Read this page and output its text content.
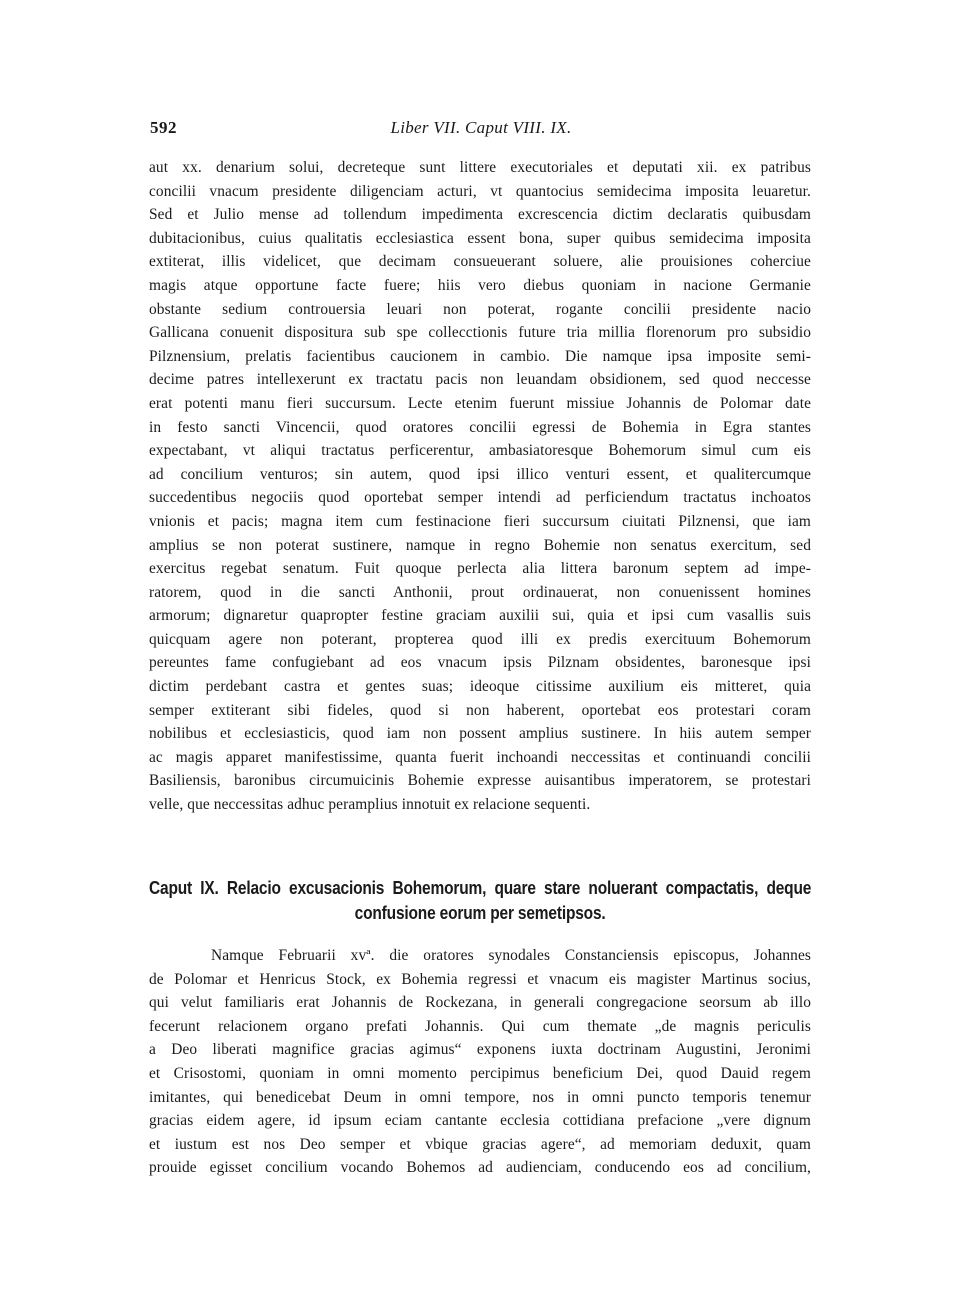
592	Liber VII. Caput VIII. IX.
aut xx. denarium solui, decreteque sunt littere executoriales et deputati xii. ex patribus
concilii vnacum presidente diligenciam acturi, vt quantocius semidecima imposita leuaretur.
Sed et Julio mense ad tollendum impedimenta excrescencia dictim declaratis quibusdam
dubitacionibus, cuius qualitatis ecclesiastica essent bona, super quibus semidecima imposita
extiterat, illis videlicet, que decimam consueuerant soluere, alie prouisiones coherciue
magis atque opportune facte fuere; hiis vero diebus quoniam in nacione Germanie
obstante sedium controuersia leuari non poterat, rogante concilii presidente nacio
Gallicana conuenit dispositura sub spe collecctionis future tria millia florenorum pro subsidio
Pilznensium, prelatis facientibus caucionem in cambio. Die namque ipsa imposite semi-
decime patres intellexerunt ex tractatu pacis non leuandam obsidionem, sed quod neccesse
erat potenti manu fieri succursum. Lecte etenim fuerunt missiue Johannis de Polomar date
in festo sancti Vincencii, quod oratores concilii egressi de Bohemia in Egra stantes
expectabant, vt aliqui tractatus perficerentur, ambasiatoresque Bohemorum simul cum eis
ad concilium venturos; sin autem, quod ipsi illico venturi essent, et qualitercumque
succedentibus negociis quod oportebat semper intendi ad perficiendum tractatus inchoatos
vnionis et pacis; magna item cum festinacione fieri succursum ciuitati Pilznensi, que iam
amplius se non poterat sustinere, namque in regno Bohemie non senatus exercitum, sed
exercitus regebat senatum. Fuit quoque perlecta alia littera baronum septem ad impe-
ratorem, quod in die sancti Anthonii, prout ordinauerat, non conuenissent homines
armorum; dignaretur quapropter festine graciam auxilii sui, quia et ipsi cum vasallis suis
quicquam agere non poterant, propterea quod illi ex predis exercituum Bohemorum
pereuntes fame confugiebant ad eos vnacum ipsis Pilznam obsidentes, baronesque ipsi
dictim perdebant castra et gentes suas; ideoque citissime auxilium eis mitteret, quia
semper extiterant sibi fideles, quod si non haberent, oportebat eos protestari coram
nobilibus et ecclesiasticis, quod iam non possent amplius sustinere. In hiis autem semper
ac magis apparet manifestissime, quanta fuerit inchoandi neccessitas et continuandi concilii
Basiliensis, baronibus circumuicinis Bohemie expresse auisantibus imperatorem, se protestari
velle, que neccessitas adhuc peramplius innotuit ex relacione sequenti.
Caput IX. Relacio excusacionis Bohemorum, quare stare noluerant compactatis, deque
confusione eorum per semetipsos.
Namque Februarii xvª. die oratores synodales Constanciensis episcopus, Johannes
de Polomar et Henricus Stock, ex Bohemia regressi et vnacum eis magister Martinus socius,
qui velut familiaris erat Johannis de Rockezana, in generali congregacione seorsum ab illo
fecerunt relacionem organo prefati Johannis. Qui cum themate „de magnis periculis
a Deo liberati magnifice gracias agimus“ exponens iuxta doctrinam Augustini, Jeronimi
et Crisostomi, quoniam in omni momento percipimus beneficium Dei, quod Dauid regem
imitantes, qui benedicebat Deum in omni tempore, nos in omni puncto temporis tenemur
gracias eidem agere, id ipsum eciam cantante ecclesia cottidiana prefacione „vere dignum
et iustum est nos Deo semper et vbique gracias agere“, ad memoriam deduxit, quam
prouide egisset concilium vocando Bohemos ad audienciam, conducendo eos ad concilium,
